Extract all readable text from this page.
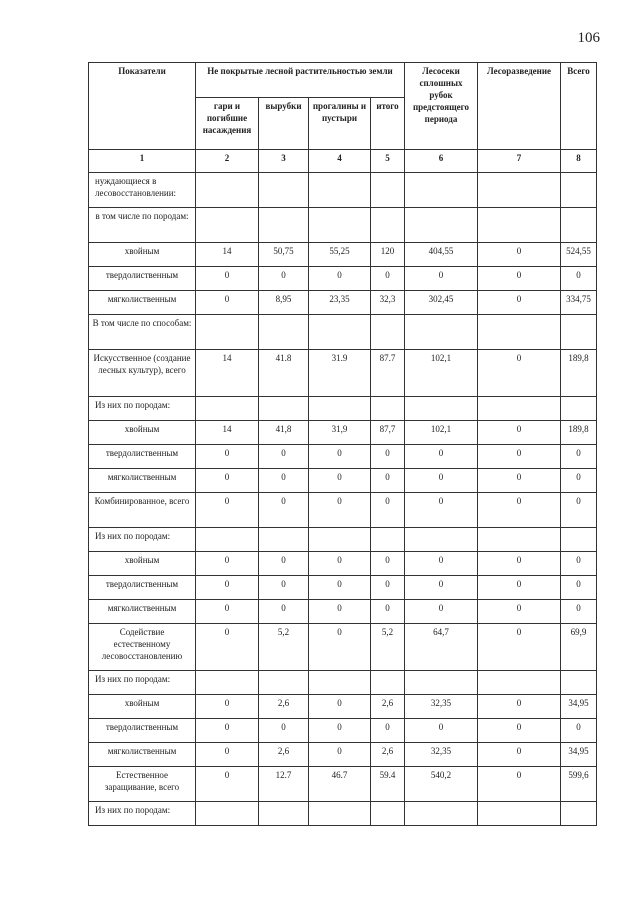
106
Показатели	Не покрытые лесной растительностью земли				Лесосеки сплошных рубок предстоящего периода	Лесоразведение	Всего
	гари и погибшие насаждения	вырубки	прогалины и пустыри	итого			
1	2	3	4	5	6	7	8
нуждающиеся в лесовосстановлении:							
в том числе по породам:							
хвойным	14	50,75	55,25	120	404,55	0	524,55
твердолиственным	0	0	0	0	0	0	0
мягколиственным	0	8,95	23,35	32,3	302,45	0	334,75
В том числе по способам:							
Искусственное (создание лесных культур), всего	14	41.8	31.9	87.7	102,1	0	189,8
Из них по породам:							
хвойным	14	41,8	31,9	87,7	102,1	0	189,8
твердолиственным	0	0	0	0	0	0	0
мягколиственным	0	0	0	0	0	0	0
Комбинированное, всего	0	0	0	0	0	0	0
Из них по породам:							
хвойным	0	0	0	0	0	0	0
твердолиственным	0	0	0	0	0	0	0
мягколиственным	0	0	0	0	0	0	0
Содействие естественному лесовосстановлению	0	5,2	0	5,2	64,7	0	69,9
Из них по породам:							
хвойным	0	2,6	0	2,6	32,35	0	34,95
твердолиственным	0	0	0	0	0	0	0
мягколиственным	0	2,6	0	2,6	32,35	0	34,95
Естественное заращивание, всего	0	12.7	46.7	59.4	540,2	0	599,6
Из них по породам:							
